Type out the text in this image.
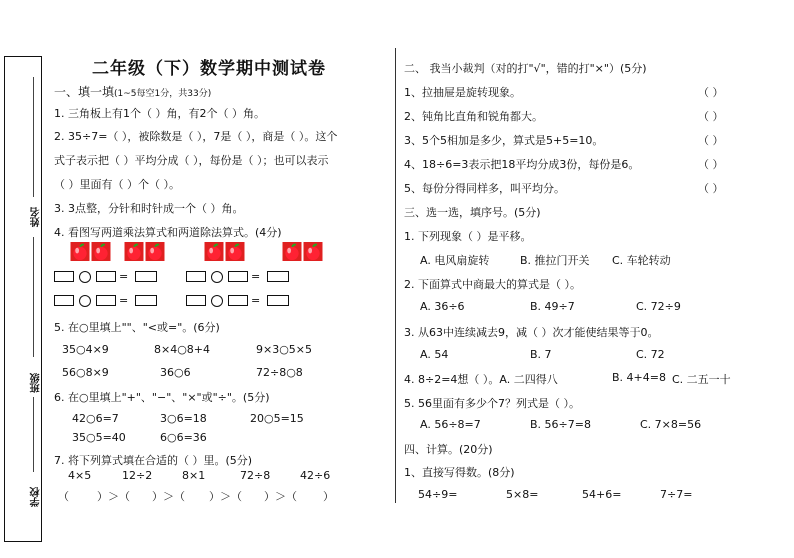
姓名
班级
学校
二年级（下）数学期中测试卷
一、填一填(1~5每空1分，共33分)
1. 三角板上有1个（ ）角，有2个（ ）角。
2. 35÷7=（ ），被除数是（ ），7是（ ），商是（ ）。这个
式子表示把（ ）平均分成（ ），每份是（ ）；也可以表示
（ ）里面有（ ）个（ ）。
3. 3点整，分针和时针成一个（ ）角。
4. 看图写两道乘法算式和两道除法算式。(4分)
=	=
=	=
5. 在○里填上""、"<或="。(6分)
35○4×9	8×4○8+4	9×3○5×5
56○8×9	36○6	72÷8○8
6. 在○里填上"+"、"−"、"×"或"÷"。(5分)
42○6=7	3○6=18	20○5=15
35○5=40	6○6=36
7. 将下列算式填在合适的（ ）里。(5分)
4×5	12÷2	8×1	72÷8	42÷6
（	）＞（ ）＞（ ）＞（ ）＞（ ）
二、 我当小裁判（对的打"√"，错的打"×"）(5分)
1、拉抽屉是旋转现象。	（ ）
2、钝角比直角和锐角都大。	（ ）
3、5个5相加是多少，算式是5+5=10。	（ ）
4、18÷6=3表示把18平均分成3份，每份是6。	（ ）
5、每份分得同样多，叫平均分。	（ ）
三、选一选，填序号。(5分)
1. 下列现象（ ）是平移。
A. 电风扇旋转	B. 推拉门开关 C. 车轮转动
2. 下面算式中商最大的算式是（ ）。
A. 36÷6	B. 49÷7	C. 72÷9
3. 从63中连续减去9，减（ ）次才能使结果等于0。
A. 54	B. 7	C. 72
4. 8÷2=4想（ ）。A. 二四得八	B. 4+4=8 C. 二五一十
5. 56里面有多少个7？列式是（ ）。
A. 56÷8=7	B. 56÷7=8	C. 7×8=56
四、计算。(20分)
1、直接写得数。(8分)
54÷9=	5×8=	54+6=	7÷7=
